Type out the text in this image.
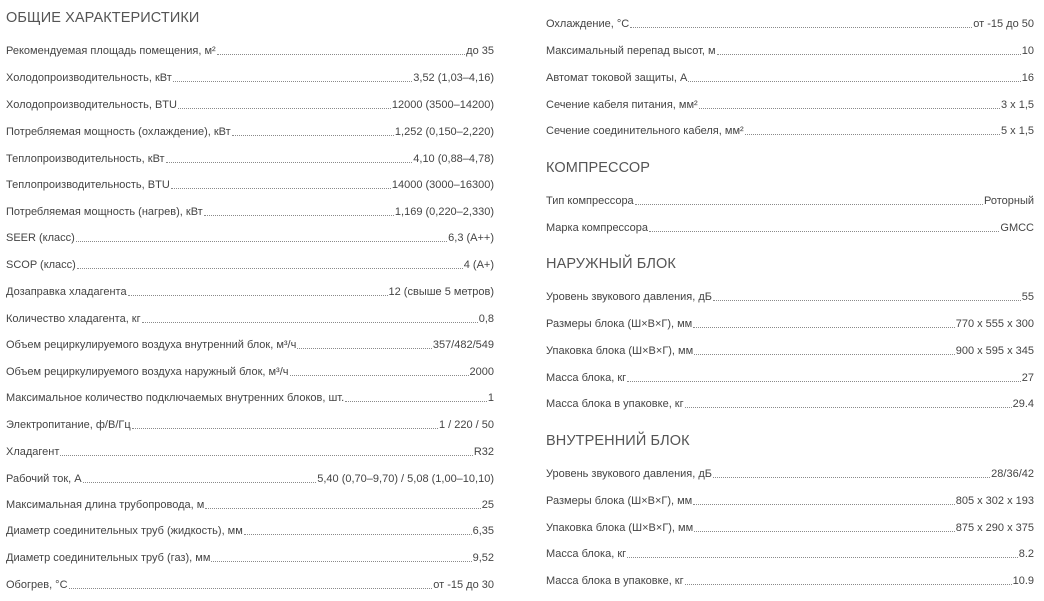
ОБЩИЕ ХАРАКТЕРИСТИКИ
Рекомендуемая площадь помещения, м²	до 35
Холодопроизводительность, кВт	3,52 (1,03–4,16)
Холодопроизводительность, BTU	12000 (3500–14200)
Потребляемая мощность (охлаждение), кВт	1,252 (0,150–2,220)
Теплопроизводительность, кВт	4,10 (0,88–4,78)
Теплопроизводительность, BTU	14000 (3000–16300)
Потребляемая мощность (нагрев), кВт	1,169 (0,220–2,330)
SEER (класс)	6,3 (A++)
SCOP (класс)	4 (A+)
Дозаправка хладагента	12 (свыше 5 метров)
Количество хладагента, кг	0,8
Объем рециркулируемого воздуха внутренний блок, м³/ч	357/482/549
Объем рециркулируемого воздуха наружный блок, м³/ч	2000
Максимальное количество подключаемых внутренних блоков, шт.	1
Электропитание, ф/В/Гц	1 / 220 / 50
Хладагент	R32
Рабочий ток, А	5,40 (0,70–9,70) / 5,08 (1,00–10,10)
Максимальная длина трубопровода, м	25
Диаметр соединительных труб (жидкость), мм	6,35
Диаметр соединительных труб (газ), мм	9,52
Обогрев, °С	от -15 до 30
Охлаждение, °С	от -15 до 50
Максимальный перепад высот, м	10
Автомат токовой защиты, А	16
Сечение кабеля питания, мм²	3 х 1,5
Сечение соединительного кабеля, мм²	5 х 1,5
КОМПРЕССОР
Тип компрессора	Роторный
Марка компрессора	GMCC
НАРУЖНЫЙ БЛОК
Уровень звукового давления, дБ	55
Размеры блока (Ш×В×Г), мм	770 х 555 х 300
Упаковка блока (Ш×В×Г), мм	900 х 595 х 345
Масса блока, кг	27
Масса блока в упаковке, кг	29.4
ВНУТРЕННИЙ БЛОК
Уровень звукового давления, дБ	28/36/42
Размеры блока (Ш×В×Г), мм	805 х 302 х 193
Упаковка блока (Ш×В×Г), мм	875 х 290 х 375
Масса блока, кг	8.2
Масса блока в упаковке, кг	10.9
